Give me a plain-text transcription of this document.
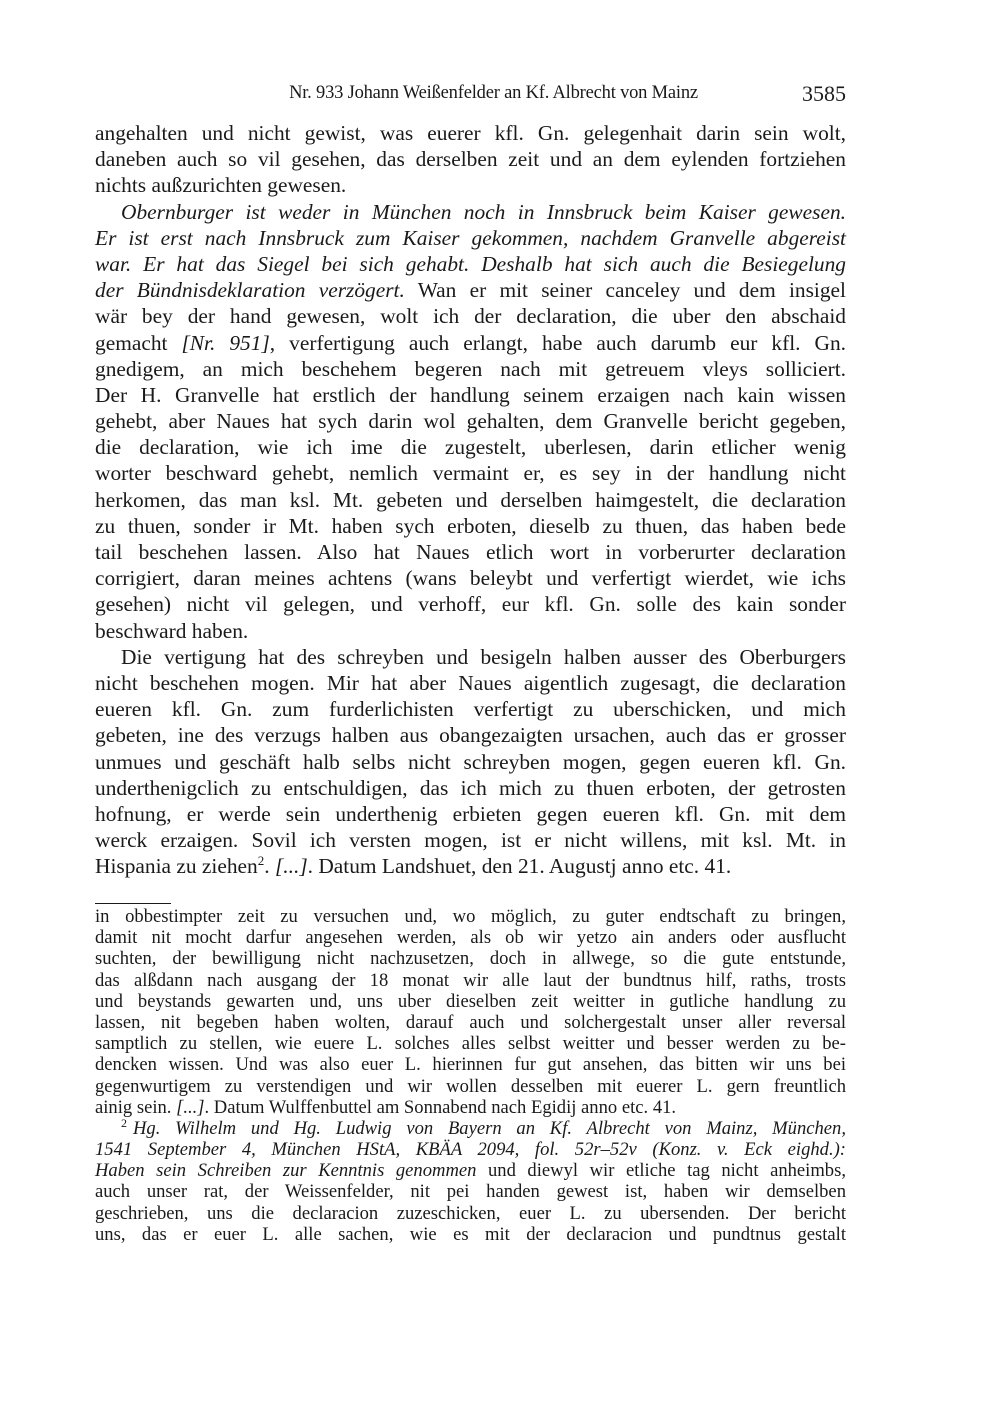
Nr. 933 Johann Weißenfelder an Kf. Albrecht von Mainz	3585
angehalten und nicht gewist, was euerer kfl. Gn. gelegenhait darin sein wolt,
daneben auch so vil gesehen, das derselben zeit und an dem eylenden fortziehen
nichts außzurichten gewesen.
Obernburger ist weder in München noch in Innsbruck beim Kaiser gewesen.
Er ist erst nach Innsbruck zum Kaiser gekommen, nachdem Granvelle abgereist
war. Er hat das Siegel bei sich gehabt. Deshalb hat sich auch die Besiegelung
der Bündnisdeklaration verzögert. Wan er mit seiner canceley und dem insigel
wär bey der hand gewesen, wolt ich der declaration, die uber den abschaid
gemacht [Nr. 951], verfertigung auch erlangt, habe auch darumb eur kfl. Gn.
gnedigem, an mich beschehem begeren nach mit getreuem vleys solliciert.
Der H. Granvelle hat erstlich der handlung seinem erzaigen nach kain wissen
gehebt, aber Naues hat sych darin wol gehalten, dem Granvelle bericht gegeben,
die declaration, wie ich ime die zugestelt, uberlesen, darin etlicher wenig
worter beschward gehebt, nemlich vermaint er, es sey in der handlung nicht
herkomen, das man ksl. Mt. gebeten und derselben haimgestelt, die declaration
zu thuen, sonder ir Mt. haben sych erboten, dieselb zu thuen, das haben bede
tail beschehen lassen. Also hat Naues etlich wort in vorberurter declaration
corrigiert, daran meines achtens (wans beleybt und verfertigt wierdet, wie ichs
gesehen) nicht vil gelegen, und verhoff, eur kfl. Gn. solle des kain sonder
beschward haben.
Die vertigung hat des schreyben und besigeln halben ausser des Oberburgers
nicht beschehen mogen. Mir hat aber Naues aigentlich zugesagt, die declaration
eueren kfl. Gn. zum furderlichisten verfertigt zu uberschicken, und mich
gebeten, ine des verzugs halben aus obangezaigten ursachen, auch das er grosser
unmues und geschäft halb selbs nicht schreyben mogen, gegen eueren kfl. Gn.
underthenigclich zu entschuldigen, das ich mich zu thuen erboten, der getrosten
hofnung, er werde sein underthenig erbieten gegen eueren kfl. Gn. mit dem
werck erzaigen. Sovil ich versten mogen, ist er nicht willens, mit ksl. Mt. in
Hispania zu ziehen$^2$. [...]. Datum Landshuet, den 21. Augustj anno etc. 41.
in obbestimpter zeit zu versuchen und, wo möglich, zu guter endtschaft zu bringen,
damit nit mocht darfur angesehen werden, als ob wir yetzo ain anders oder ausflucht
suchten, der bewilligung nicht nachzusetzen, doch in allwege, so die gute entstunde,
das alßdann nach ausgang der 18 monat wir alle laut der bundtnus hilf, raths, trosts
und beystands gewarten und, uns uber dieselben zeit weitter in gutliche handlung zu
lassen, nit begeben haben wolten, darauf auch und solchergestalt unser aller reversal
samptlich zu stellen, wie euere L. solches alles selbst weitter und besser werden zu be-
dencken wissen. Und was also euer L. hierinnen fur gut ansehen, das bitten wir uns bei
gegenwurtigem zu verstendigen und wir wollen desselben mit euerer L. gern freuntlich
ainig sein. [...]. Datum Wulffenbuttel am Sonnabend nach Egidij anno etc. 41.
$^2$ Hg. Wilhelm und Hg. Ludwig von Bayern an Kf. Albrecht von Mainz, München,
1541 September 4, München HStA, KBÄA 2094, fol. 52r–52v (Konz. v. Eck eighd.):
Haben sein Schreiben zur Kenntnis genommen und diewyl wir etliche tag nicht anheimbs,
auch unser rat, der Weissenfelder, nit pei handen gewest ist, haben wir demselben
geschrieben, uns die declaracion zuzeschicken, euer L. zu ubersenden. Der bericht
uns, das er euer L. alle sachen, wie es mit der declaracion und pundtnus gestalt
